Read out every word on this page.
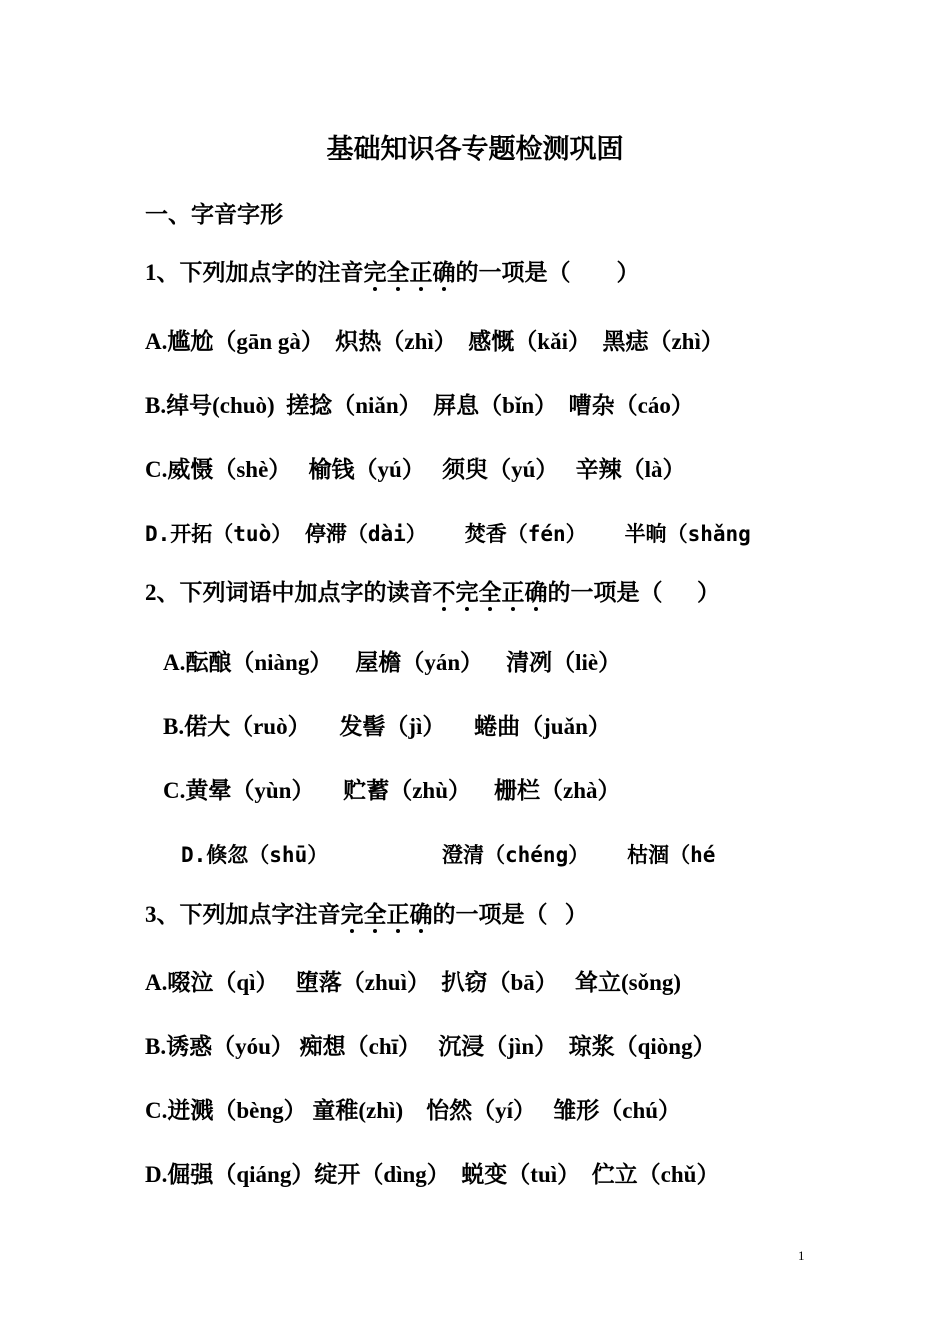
基础知识各专题检测巩固
一、字音字形
1、下列加点字的注音完全正确的一项是（        ）
A.尴尬（gān gà）  炽热（zhì）  感慨（kǎi）  黑痣（zhì）
B.绰号(chuò)  搓捻（niǎn）  屏息（bǐn）  嘈杂（cáo）
C.威慑（shè）   榆钱（yú）   须臾（yú）   辛辣（là）
D.开拓（tuò） 停滞（dài）   焚香（fén）   半晌（shǎng
2、下列词语中加点字的读音不完全正确的一项是（      ）
A.酝酿（niàng）    屋檐（yán）    清冽（liè）
B.偌大（ruò）     发髻（jì）     蜷曲（juǎn）
C.黄晕（yùn）     贮蓄（zhù）    栅栏（zhà）
D.倏忽（shū）         澄清（chéng）   枯涸（hé
3、下列加点字注音完全正确的一项是（   ）
A.啜泣（qì）   堕落（zhuì）  扒窃（bā）   耸立(sǒng)
B.诱惑（yóu） 痴想（chī）   沉浸（jìn）  琼浆（qiòng）
C.迸溅（bèng） 童稚(zhì)    怡然（yí）   雏形（chú）
D.倔强（qiáng）绽开（dìng）  蜕变（tuì）  伫立（chǔ）
1
